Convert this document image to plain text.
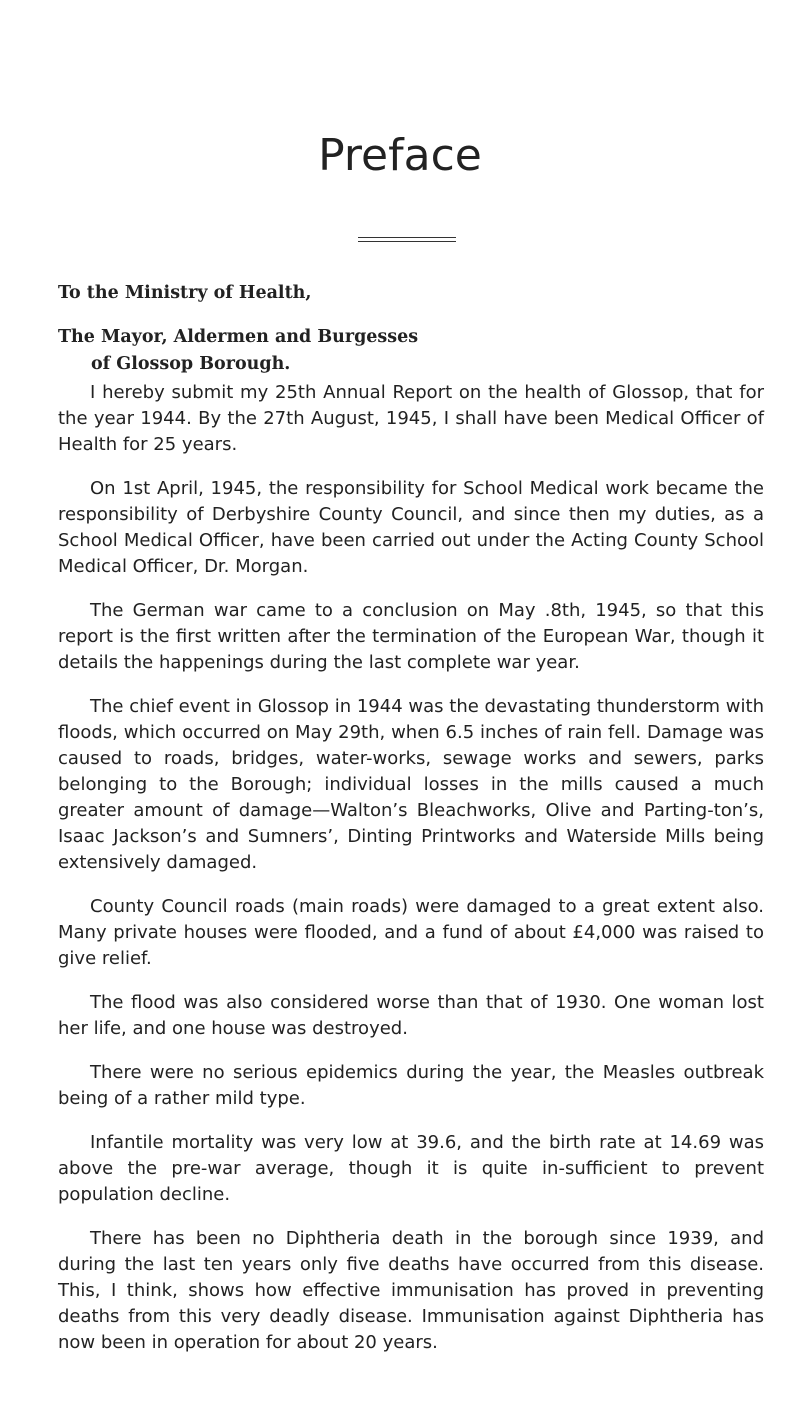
Preface
To the Ministry of Health,
The Mayor, Aldermen and Burgesses
of Glossop Borough.

I hereby submit my 25th Annual Report on the health of Glossop, that for the year 1944. By the 27th August, 1945, I shall have been Medical Officer of Health for 25 years.

On 1st April, 1945, the responsibility for School Medical work became the responsibility of Derbyshire County Council, and since then my duties, as a School Medical Officer, have been carried out under the Acting County School Medical Officer, Dr. Morgan.

The German war came to a conclusion on May .8th, 1945, so that this report is the first written after the termination of the European War, though it details the happenings during the last complete war year.

The chief event in Glossop in 1944 was the devastating thunderstorm with floods, which occurred on May 29th, when 6.5 inches of rain fell. Damage was caused to roads, bridges, water-works, sewage works and sewers, parks belonging to the Borough; individual losses in the mills caused a much greater amount of damage—Walton’s Bleachworks, Olive and Parting-ton’s, Isaac Jackson’s and Sumners’, Dinting Printworks and Waterside Mills being extensively damaged.

County Council roads (main roads) were damaged to a great extent also. Many private houses were flooded, and a fund of about £4,000 was raised to give relief.

The flood was also considered worse than that of 1930. One woman lost her life, and one house was destroyed.

There were no serious epidemics during the year, the Measles outbreak being of a rather mild type.

Infantile mortality was very low at 39.6, and the birth rate at 14.69 was above the pre-war average, though it is quite in-sufficient to prevent population decline.

There has been no Diphtheria death in the borough since 1939, and during the last ten years only five deaths have occurred from this disease. This, I think, shows how effective immunisation has proved in preventing deaths from this very deadly disease. Immunisation against Diphtheria has now been in operation for about 20 years.
